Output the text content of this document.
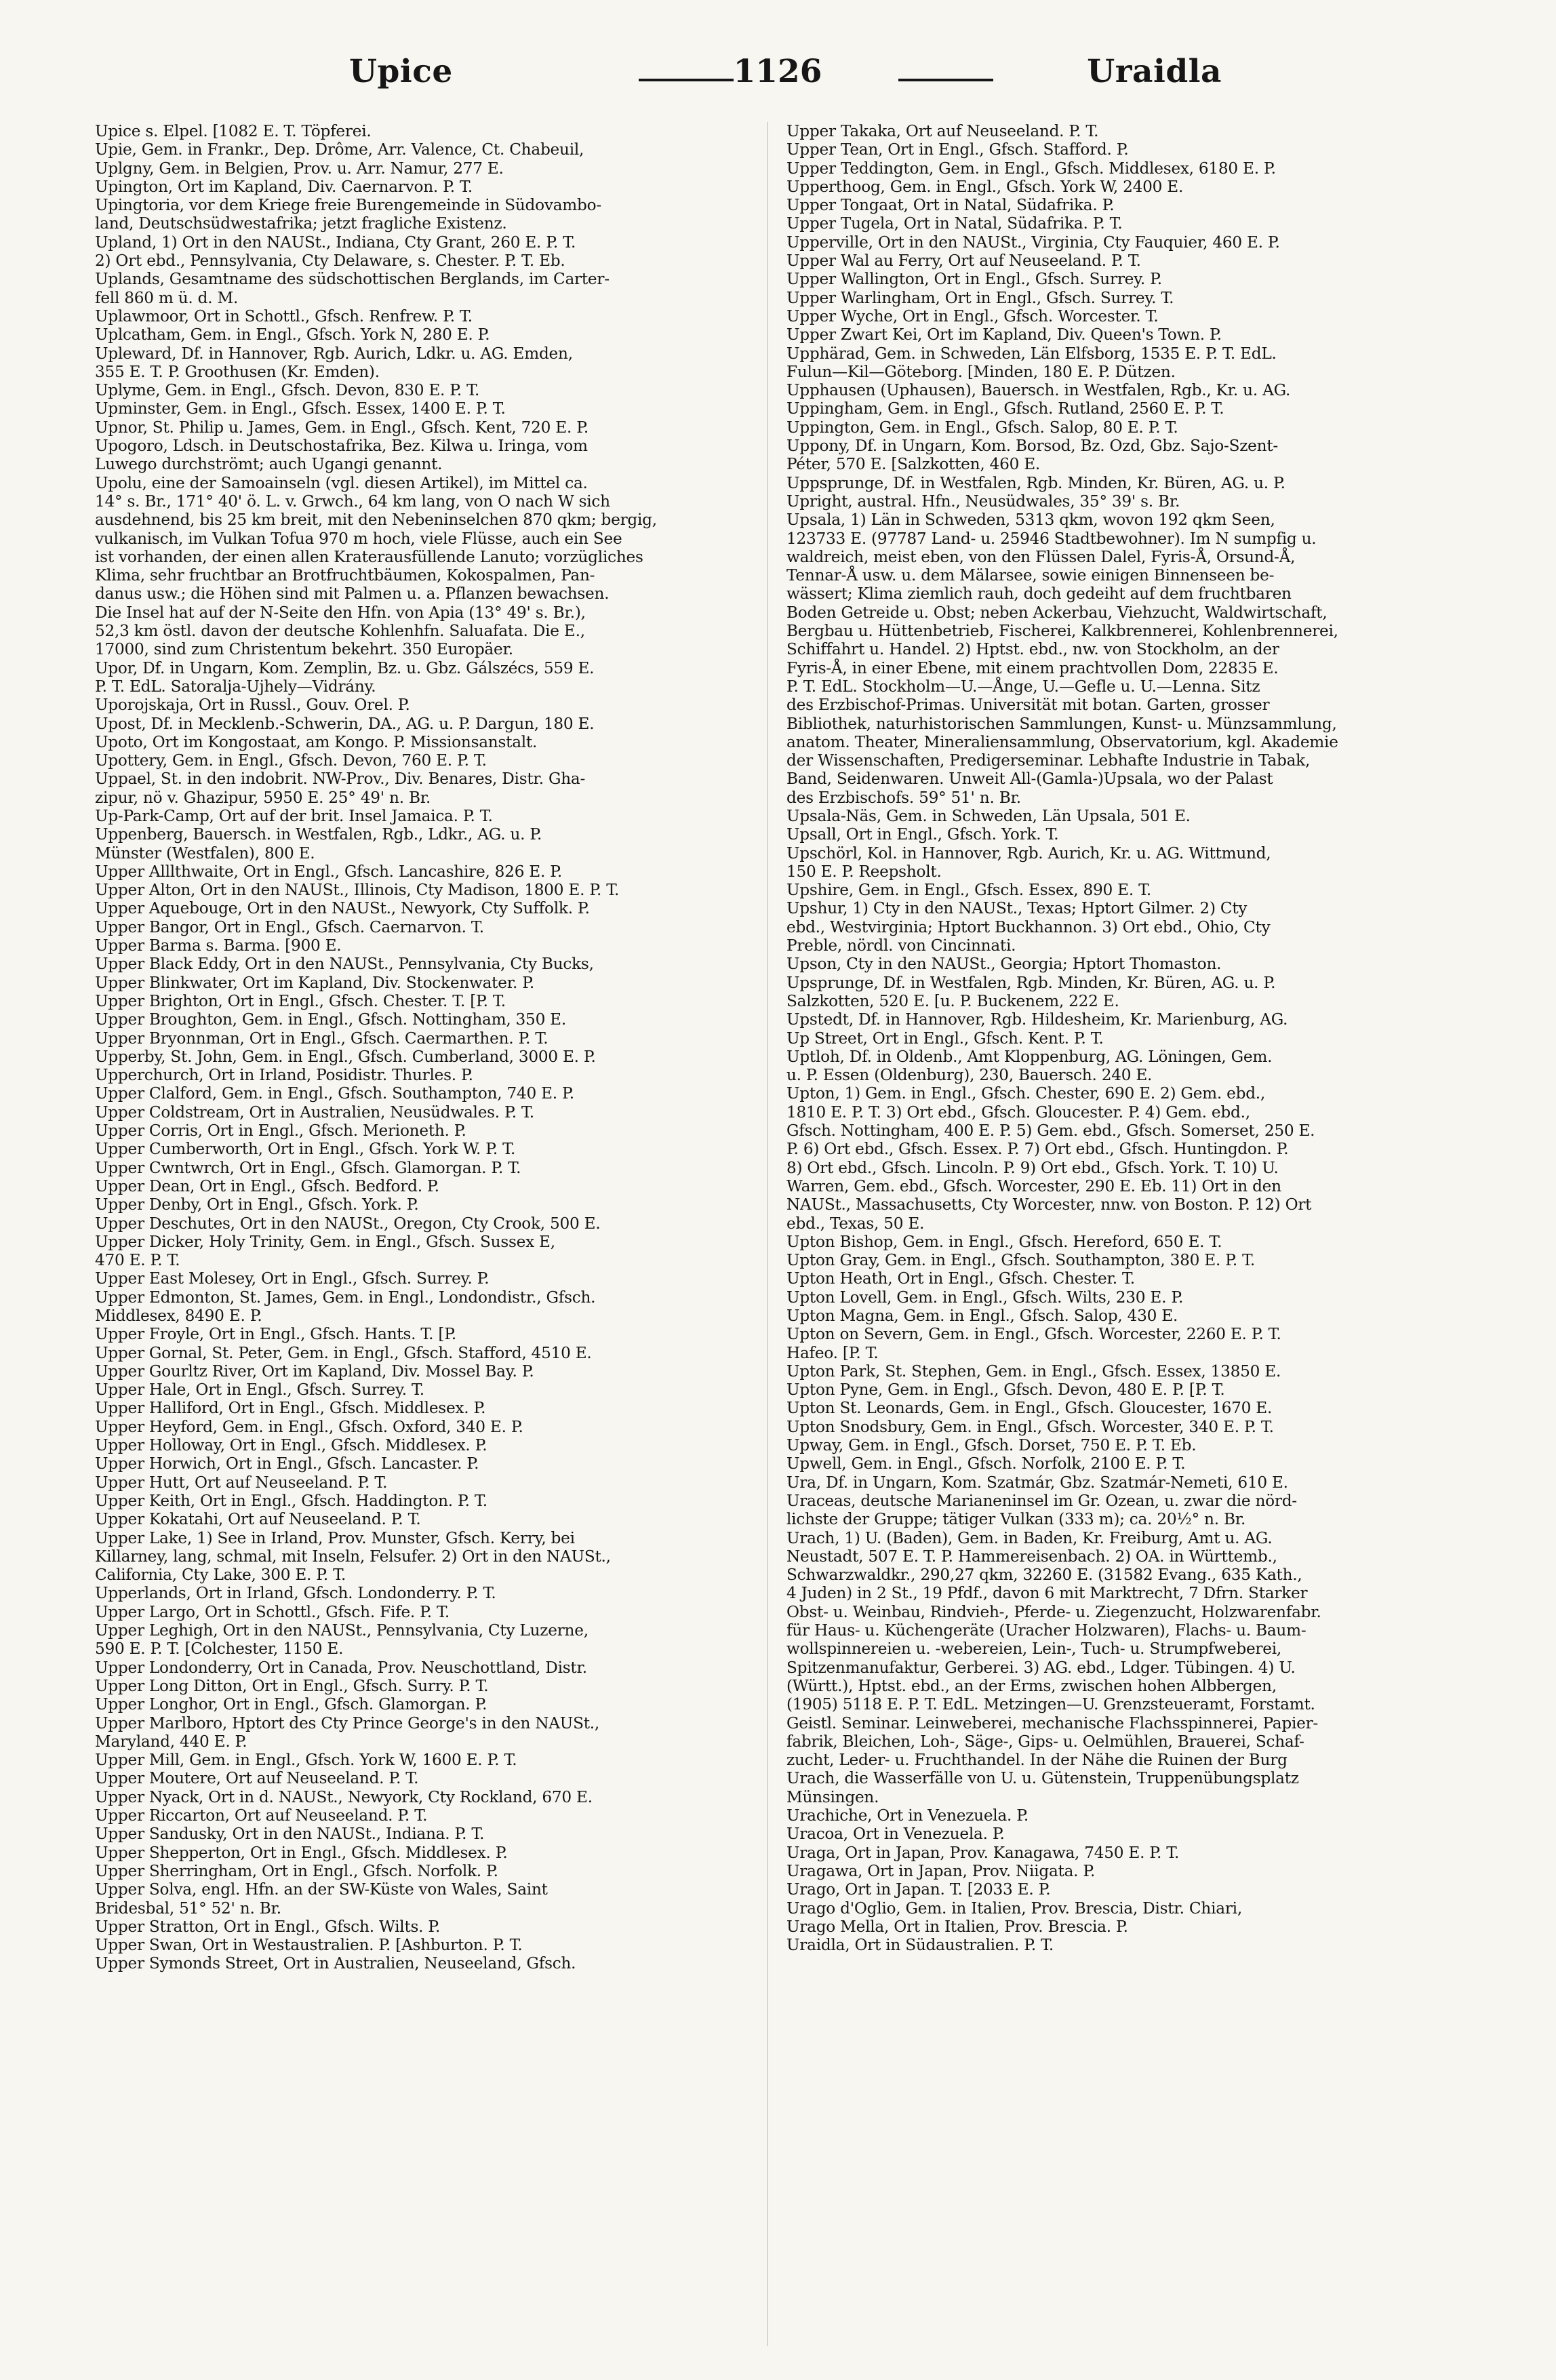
Upice	1126	Uraidla

Upice s. Elpel. [1082 E. T. Töpferei.

Upie, Gem. in Frankr., Dep. Drôme, Arr. Valence, Ct. Chabeuil,

Uplgny, Gem. in Belgien, Prov. u. Arr. Namur, 277 E.

Upington, Ort im Kapland, Div. Caernarvon. P. T.

Upingtoria, vor dem Kriege freie Burengemeinde in Südovambo-

land, Deutschsüdwestafrika; jetzt fragliche Existenz.

Upland, 1) Ort in den NAUSt., Indiana, Cty Grant, 260 E. P. T.

2) Ort ebd., Pennsylvania, Cty Delaware, s. Chester. P. T. Eb.

Uplands, Gesamtname des südschottischen Berglands, im Carter-

fell 860 m ü. d. M.

Uplawmoor, Ort in Schottl., Gfsch. Renfrew. P. T.

Uplcatham, Gem. in Engl., Gfsch. York N, 280 E. P.

Upleward, Df. in Hannover, Rgb. Aurich, Ldkr. u. AG. Emden,

355 E. T. P. Groothusen (Kr. Emden).

Uplyme, Gem. in Engl., Gfsch. Devon, 830 E. P. T.

Upminster, Gem. in Engl., Gfsch. Essex, 1400 E. P. T.

Upnor, St. Philip u. James, Gem. in Engl., Gfsch. Kent, 720 E. P.

Upogoro, Ldsch. in Deutschostafrika, Bez. Kilwa u. Iringa, vom

Luwego durchströmt; auch Ugangi genannt.

Upolu, eine der Samoainseln (vgl. diesen Artikel), im Mittel ca.

14° s. Br., 171° 40' ö. L. v. Grwch., 64 km lang, von O nach W sich

ausdehnend, bis 25 km breit, mit den Nebeninselchen 870 qkm; bergig,

vulkanisch, im Vulkan Tofua 970 m hoch, viele Flüsse, auch ein See

ist vorhanden, der einen allen Kraterausfüllende Lanuto; vorzügliches

Klima, sehr fruchtbar an Brotfruchtbäumen, Kokospalmen, Pan-

danus usw.; die Höhen sind mit Palmen u. a. Pflanzen bewachsen.

Die Insel hat auf der N-Seite den Hfn. von Apia (13° 49' s. Br.),

52,3 km östl. davon der deutsche Kohlenhfn. Saluafata. Die E.,

17000, sind zum Christentum bekehrt. 350 Europäer.

Upor, Df. in Ungarn, Kom. Zemplin, Bz. u. Gbz. Gálszécs, 559 E.

P. T. EdL. Satoralja-Ujhely—Vidrány.

Uporojskaja, Ort in Russl., Gouv. Orel. P.

Upost, Df. in Mecklenb.-Schwerin, DA., AG. u. P. Dargun, 180 E.

Upoto, Ort im Kongostaat, am Kongo. P. Missionsanstalt.

Upottery, Gem. in Engl., Gfsch. Devon, 760 E. P. T.

Uppael, St. in den indobrit. NW-Prov., Div. Benares, Distr. Gha-

zipur, nö v. Ghazipur, 5950 E. 25° 49' n. Br.

Up-Park-Camp, Ort auf der brit. Insel Jamaica. P. T.

Uppenberg, Bauersch. in Westfalen, Rgb., Ldkr., AG. u. P.

Münster (Westfalen), 800 E.

Upper Alllthwaite, Ort in Engl., Gfsch. Lancashire, 826 E. P.

Upper Alton, Ort in den NAUSt., Illinois, Cty Madison, 1800 E. P. T.

Upper Aquebouge, Ort in den NAUSt., Newyork, Cty Suffolk. P.

Upper Bangor, Ort in Engl., Gfsch. Caernarvon. T.

Upper Barma s. Barma. [900 E.

Upper Black Eddy, Ort in den NAUSt., Pennsylvania, Cty Bucks,

Upper Blinkwater, Ort im Kapland, Div. Stockenwater. P.

Upper Brighton, Ort in Engl., Gfsch. Chester. T. [P. T.

Upper Broughton, Gem. in Engl., Gfsch. Nottingham, 350 E.

Upper Bryonnman, Ort in Engl., Gfsch. Caermarthen. P. T.

Upperby, St. John, Gem. in Engl., Gfsch. Cumberland, 3000 E. P.

Upperchurch, Ort in Irland, Posidistr. Thurles. P.

Upper Clalford, Gem. in Engl., Gfsch. Southampton, 740 E. P.

Upper Coldstream, Ort in Australien, Neusüdwales. P. T.

Upper Corris, Ort in Engl., Gfsch. Merioneth. P.

Upper Cumberworth, Ort in Engl., Gfsch. York W. P. T.

Upper Cwntwrch, Ort in Engl., Gfsch. Glamorgan. P. T.

Upper Dean, Ort in Engl., Gfsch. Bedford. P.

Upper Denby, Ort in Engl., Gfsch. York. P.

Upper Deschutes, Ort in den NAUSt., Oregon, Cty Crook, 500 E.

Upper Dicker, Holy Trinity, Gem. in Engl., Gfsch. Sussex E,

470 E. P. T.

Upper East Molesey, Ort in Engl., Gfsch. Surrey. P.

Upper Edmonton, St. James, Gem. in Engl., Londondistr., Gfsch.

Middlesex, 8490 E. P.

Upper Froyle, Ort in Engl., Gfsch. Hants. T. [P.

Upper Gornal, St. Peter, Gem. in Engl., Gfsch. Stafford, 4510 E.

Upper Gourltz River, Ort im Kapland, Div. Mossel Bay. P.

Upper Hale, Ort in Engl., Gfsch. Surrey. T.

Upper Halliford, Ort in Engl., Gfsch. Middlesex. P.

Upper Heyford, Gem. in Engl., Gfsch. Oxford, 340 E. P.

Upper Holloway, Ort in Engl., Gfsch. Middlesex. P.

Upper Horwich, Ort in Engl., Gfsch. Lancaster. P.

Upper Hutt, Ort auf Neuseeland. P. T.

Upper Keith, Ort in Engl., Gfsch. Haddington. P. T.

Upper Kokatahi, Ort auf Neuseeland. P. T.

Upper Lake, 1) See in Irland, Prov. Munster, Gfsch. Kerry, bei

Killarney, lang, schmal, mit Inseln, Felsufer. 2) Ort in den NAUSt.,

California, Cty Lake, 300 E. P. T.

Upperlands, Ort in Irland, Gfsch. Londonderry. P. T.

Upper Largo, Ort in Schottl., Gfsch. Fife. P. T.

Upper Leghigh, Ort in den NAUSt., Pennsylvania, Cty Luzerne,

590 E. P. T. [Colchester, 1150 E.

Upper Londonderry, Ort in Canada, Prov. Neuschottland, Distr.

Upper Long Ditton, Ort in Engl., Gfsch. Surry. P. T.

Upper Longhor, Ort in Engl., Gfsch. Glamorgan. P.

Upper Marlboro, Hptort des Cty Prince George's in den NAUSt.,

Maryland, 440 E. P.

Upper Mill, Gem. in Engl., Gfsch. York W, 1600 E. P. T.

Upper Moutere, Ort auf Neuseeland. P. T.

Upper Nyack, Ort in d. NAUSt., Newyork, Cty Rockland, 670 E.

Upper Riccarton, Ort auf Neuseeland. P. T.

Upper Sandusky, Ort in den NAUSt., Indiana. P. T.

Upper Shepperton, Ort in Engl., Gfsch. Middlesex. P.

Upper Sherringham, Ort in Engl., Gfsch. Norfolk. P.

Upper Solva, engl. Hfn. an der SW-Küste von Wales, Saint

Bridesbal, 51° 52' n. Br.

Upper Stratton, Ort in Engl., Gfsch. Wilts. P.

Upper Swan, Ort in Westaustralien. P. [Ashburton. P. T.

Upper Symonds Street, Ort in Australien, Neuseeland, Gfsch.

Upper Takaka, Ort auf Neuseeland. P. T.

Upper Tean, Ort in Engl., Gfsch. Stafford. P.

Upper Teddington, Gem. in Engl., Gfsch. Middlesex, 6180 E. P.

Upperthoog, Gem. in Engl., Gfsch. York W, 2400 E.

Upper Tongaat, Ort in Natal, Südafrika. P.

Upper Tugela, Ort in Natal, Südafrika. P. T.

Upperville, Ort in den NAUSt., Virginia, Cty Fauquier, 460 E. P.

Upper Wal au Ferry, Ort auf Neuseeland. P. T.

Upper Wallington, Ort in Engl., Gfsch. Surrey. P.

Upper Warlingham, Ort in Engl., Gfsch. Surrey. T.

Upper Wyche, Ort in Engl., Gfsch. Worcester. T.

Upper Zwart Kei, Ort im Kapland, Div. Queen's Town. P.

Upphärad, Gem. in Schweden, Län Elfsborg, 1535 E. P. T. EdL.

Fulun—Kil—Göteborg. [Minden, 180 E. P. Dützen.

Upphausen (Uphausen), Bauersch. in Westfalen, Rgb., Kr. u. AG.

Uppingham, Gem. in Engl., Gfsch. Rutland, 2560 E. P. T.

Uppington, Gem. in Engl., Gfsch. Salop, 80 E. P. T.

Uppony, Df. in Ungarn, Kom. Borsod, Bz. Ozd, Gbz. Sajo-Szent-

Péter, 570 E. [Salzkotten, 460 E.

Uppsprunge, Df. in Westfalen, Rgb. Minden, Kr. Büren, AG. u. P.

Upright, austral. Hfn., Neusüdwales, 35° 39' s. Br.

Upsala, 1) Län in Schweden, 5313 qkm, wovon 192 qkm Seen,

123733 E. (97787 Land- u. 25946 Stadtbewohner). Im N sumpfig u.

waldreich, meist eben, von den Flüssen Dalel, Fyris-Å, Orsund-Å,

Tennar-Å usw. u. dem Mälarsee, sowie einigen Binnenseen be-

wässert; Klima ziemlich rauh, doch gedeiht auf dem fruchtbaren

Boden Getreide u. Obst; neben Ackerbau, Viehzucht, Waldwirtschaft,

Bergbau u. Hüttenbetrieb, Fischerei, Kalkbrennerei, Kohlenbrennerei,

Schiffahrt u. Handel. 2) Hptst. ebd., nw. von Stockholm, an der

Fyris-Å, in einer Ebene, mit einem prachtvollen Dom, 22835 E.

P. T. EdL. Stockholm—U.—Ånge, U.—Gefle u. U.—Lenna. Sitz

des Erzbischof-Primas. Universität mit botan. Garten, grosser

Bibliothek, naturhistorischen Sammlungen, Kunst- u. Münzsammlung,

anatom. Theater, Mineraliensammlung, Observatorium, kgl. Akademie

der Wissenschaften, Predigerseminar. Lebhafte Industrie in Tabak,

Band, Seidenwaren. Unweit All-(Gamla-)Upsala, wo der Palast

des Erzbischofs. 59° 51' n. Br.

Upsala-Näs, Gem. in Schweden, Län Upsala, 501 E.

Upsall, Ort in Engl., Gfsch. York. T.

Upschörl, Kol. in Hannover, Rgb. Aurich, Kr. u. AG. Wittmund,

150 E. P. Reepsholt.

Upshire, Gem. in Engl., Gfsch. Essex, 890 E. T.

Upshur, 1) Cty in den NAUSt., Texas; Hptort Gilmer. 2) Cty

ebd., Westvirginia; Hptort Buckhannon. 3) Ort ebd., Ohio, Cty

Preble, nördl. von Cincinnati.

Upson, Cty in den NAUSt., Georgia; Hptort Thomaston.

Upsprunge, Df. in Westfalen, Rgb. Minden, Kr. Büren, AG. u. P.

Salzkotten, 520 E. [u. P. Buckenem, 222 E.

Upstedt, Df. in Hannover, Rgb. Hildesheim, Kr. Marienburg, AG.

Up Street, Ort in Engl., Gfsch. Kent. P. T.

Uptloh, Df. in Oldenb., Amt Kloppenburg, AG. Löningen, Gem.

u. P. Essen (Oldenburg), 230, Bauersch. 240 E.

Upton, 1) Gem. in Engl., Gfsch. Chester, 690 E. 2) Gem. ebd.,

1810 E. P. T. 3) Ort ebd., Gfsch. Gloucester. P. 4) Gem. ebd.,

Gfsch. Nottingham, 400 E. P. 5) Gem. ebd., Gfsch. Somerset, 250 E.

P. 6) Ort ebd., Gfsch. Essex. P. 7) Ort ebd., Gfsch. Huntingdon. P.

8) Ort ebd., Gfsch. Lincoln. P. 9) Ort ebd., Gfsch. York. T. 10) U.

Warren, Gem. ebd., Gfsch. Worcester, 290 E. Eb. 11) Ort in den

NAUSt., Massachusetts, Cty Worcester, nnw. von Boston. P. 12) Ort

ebd., Texas, 50 E.

Upton Bishop, Gem. in Engl., Gfsch. Hereford, 650 E. T.

Upton Gray, Gem. in Engl., Gfsch. Southampton, 380 E. P. T.

Upton Heath, Ort in Engl., Gfsch. Chester. T.

Upton Lovell, Gem. in Engl., Gfsch. Wilts, 230 E. P.

Upton Magna, Gem. in Engl., Gfsch. Salop, 430 E.

Upton on Severn, Gem. in Engl., Gfsch. Worcester, 2260 E. P. T.

Hafeo. [P. T.

Upton Park, St. Stephen, Gem. in Engl., Gfsch. Essex, 13850 E.

Upton Pyne, Gem. in Engl., Gfsch. Devon, 480 E. P. [P. T.

Upton St. Leonards, Gem. in Engl., Gfsch. Gloucester, 1670 E.

Upton Snodsbury, Gem. in Engl., Gfsch. Worcester, 340 E. P. T.

Upway, Gem. in Engl., Gfsch. Dorset, 750 E. P. T. Eb.

Upwell, Gem. in Engl., Gfsch. Norfolk, 2100 E. P. T.

Ura, Df. in Ungarn, Kom. Szatmár, Gbz. Szatmár-Nemeti, 610 E.

Uraceas, deutsche Marianeninsel im Gr. Ozean, u. zwar die nörd-

lichste der Gruppe; tätiger Vulkan (333 m); ca. 20½° n. Br.

Urach, 1) U. (Baden), Gem. in Baden, Kr. Freiburg, Amt u. AG.

Neustadt, 507 E. T. P. Hammereisenbach. 2) OA. in Württemb.,

Schwarzwaldkr., 290,27 qkm, 32260 E. (31582 Evang., 635 Kath.,

4 Juden) in 2 St., 19 Pfdf., davon 6 mit Marktrecht, 7 Dfrn. Starker

Obst- u. Weinbau, Rindvieh-, Pferde- u. Ziegenzucht, Holzwarenfabr.

für Haus- u. Küchengeräte (Uracher Holzwaren), Flachs- u. Baum-

wollspinnereien u. -webereien, Lein-, Tuch- u. Strumpfweberei,

Spitzenmanufaktur, Gerberei. 3) AG. ebd., Ldger. Tübingen. 4) U.

(Württ.), Hptst. ebd., an der Erms, zwischen hohen Albbergen,

(1905) 5118 E. P. T. EdL. Metzingen—U. Grenzsteueramt, Forstamt.

Geistl. Seminar. Leinweberei, mechanische Flachsspinnerei, Papier-

fabrik, Bleichen, Loh-, Säge-, Gips- u. Oelmühlen, Brauerei, Schaf-

zucht, Leder- u. Fruchthandel. In der Nähe die Ruinen der Burg

Urach, die Wasserfälle von U. u. Gütenstein, Truppenübungsplatz

Münsingen.

Urachiche, Ort in Venezuela. P.

Uracoa, Ort in Venezuela. P.

Uraga, Ort in Japan, Prov. Kanagawa, 7450 E. P. T.

Uragawa, Ort in Japan, Prov. Niigata. P.

Urago, Ort in Japan. T. [2033 E. P.

Urago d'Oglio, Gem. in Italien, Prov. Brescia, Distr. Chiari,

Urago Mella, Ort in Italien, Prov. Brescia. P.

Uraidla, Ort in Südaustralien. P. T.
